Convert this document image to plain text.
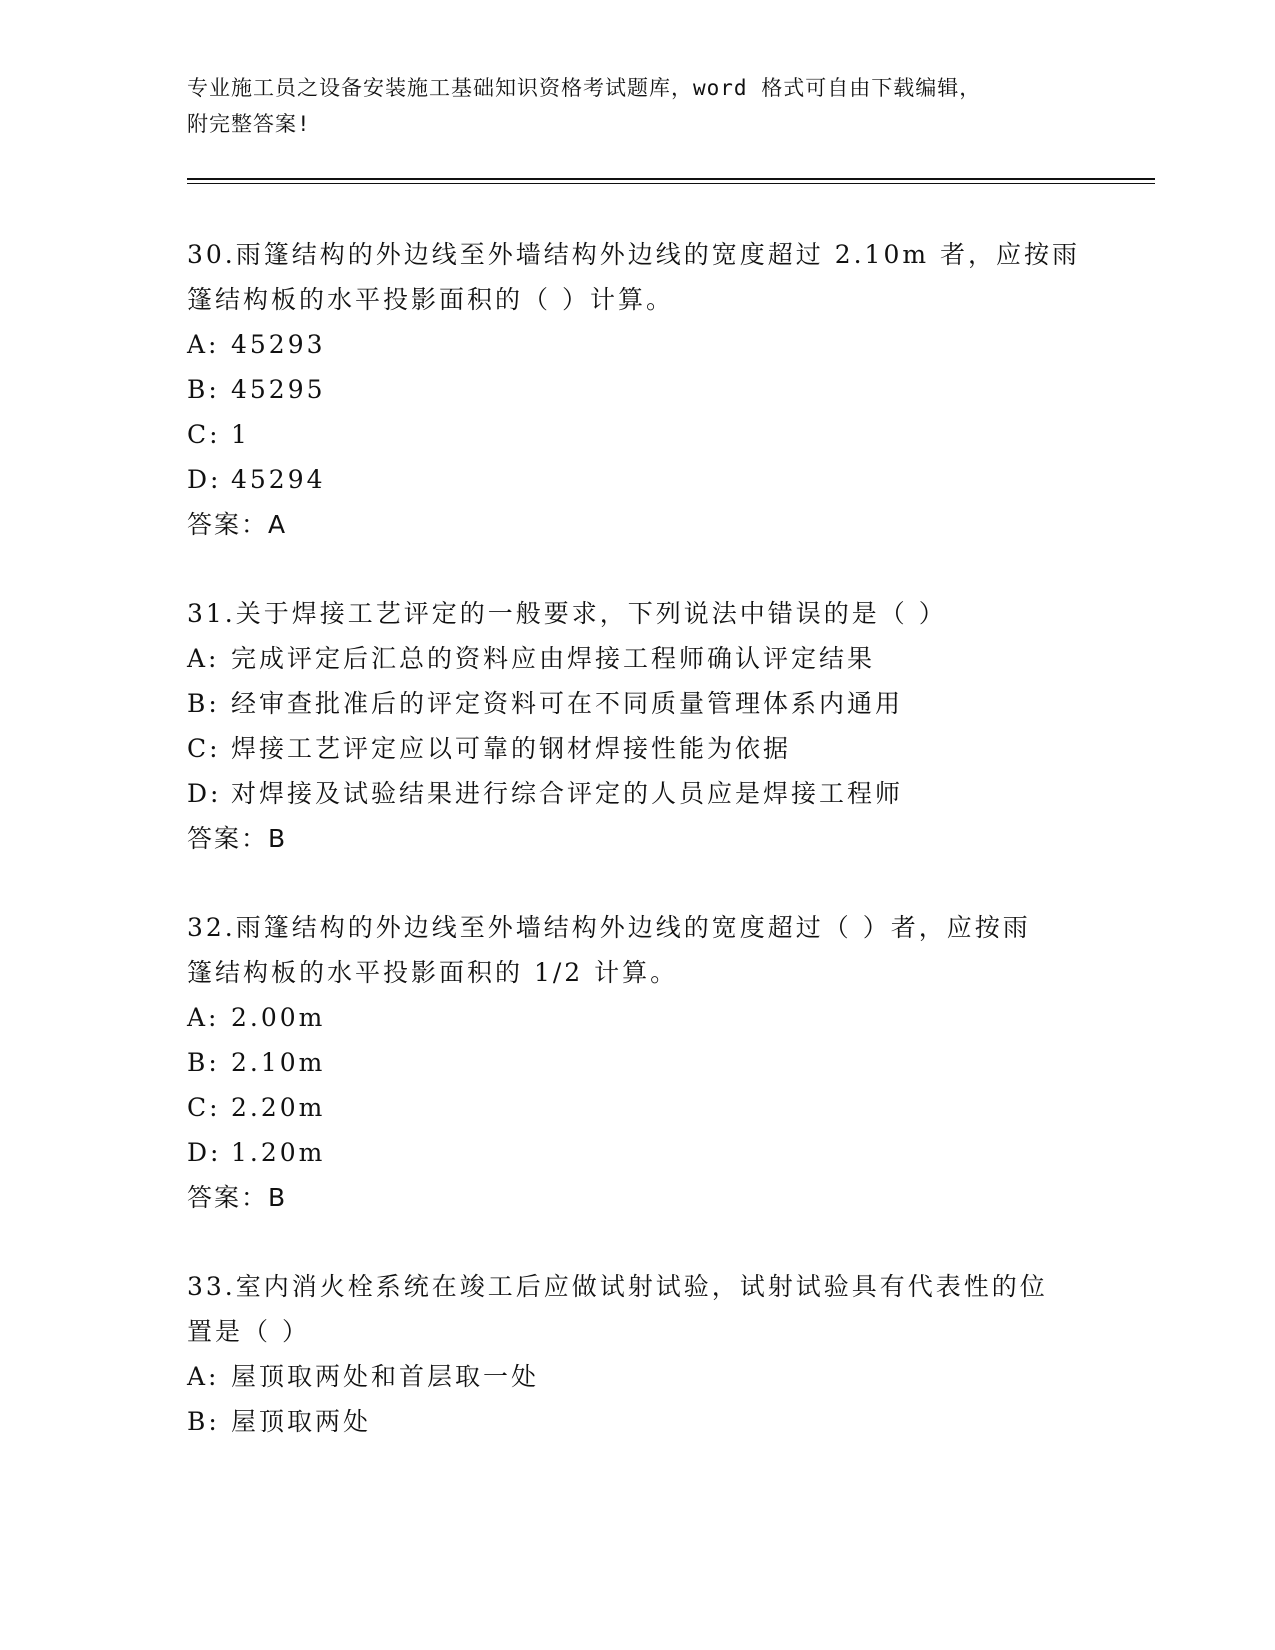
专业施工员之设备安装施工基础知识资格考试题库，word 格式可自由下载编辑，

附完整答案!

30.雨篷结构的外边线至外墙结构外边线的宽度超过 2.10m 者，应按雨

篷结构板的水平投影面积的（ ）计算。

A: 45293

B: 45295

C: 1

D: 45294

答案：A

31.关于焊接工艺评定的一般要求，下列说法中错误的是（ ）

A: 完成评定后汇总的资料应由焊接工程师确认评定结果

B: 经审查批准后的评定资料可在不同质量管理体系内通用

C: 焊接工艺评定应以可靠的钢材焊接性能为依据

D: 对焊接及试验结果进行综合评定的人员应是焊接工程师

答案：B

32.雨篷结构的外边线至外墙结构外边线的宽度超过（ ）者，应按雨

篷结构板的水平投影面积的 1/2 计算。

A: 2.00m

B: 2.10m

C: 2.20m

D: 1.20m

答案：B

33.室内消火栓系统在竣工后应做试射试验，试射试验具有代表性的位

置是（ ）

A: 屋顶取两处和首层取一处

B: 屋顶取两处
